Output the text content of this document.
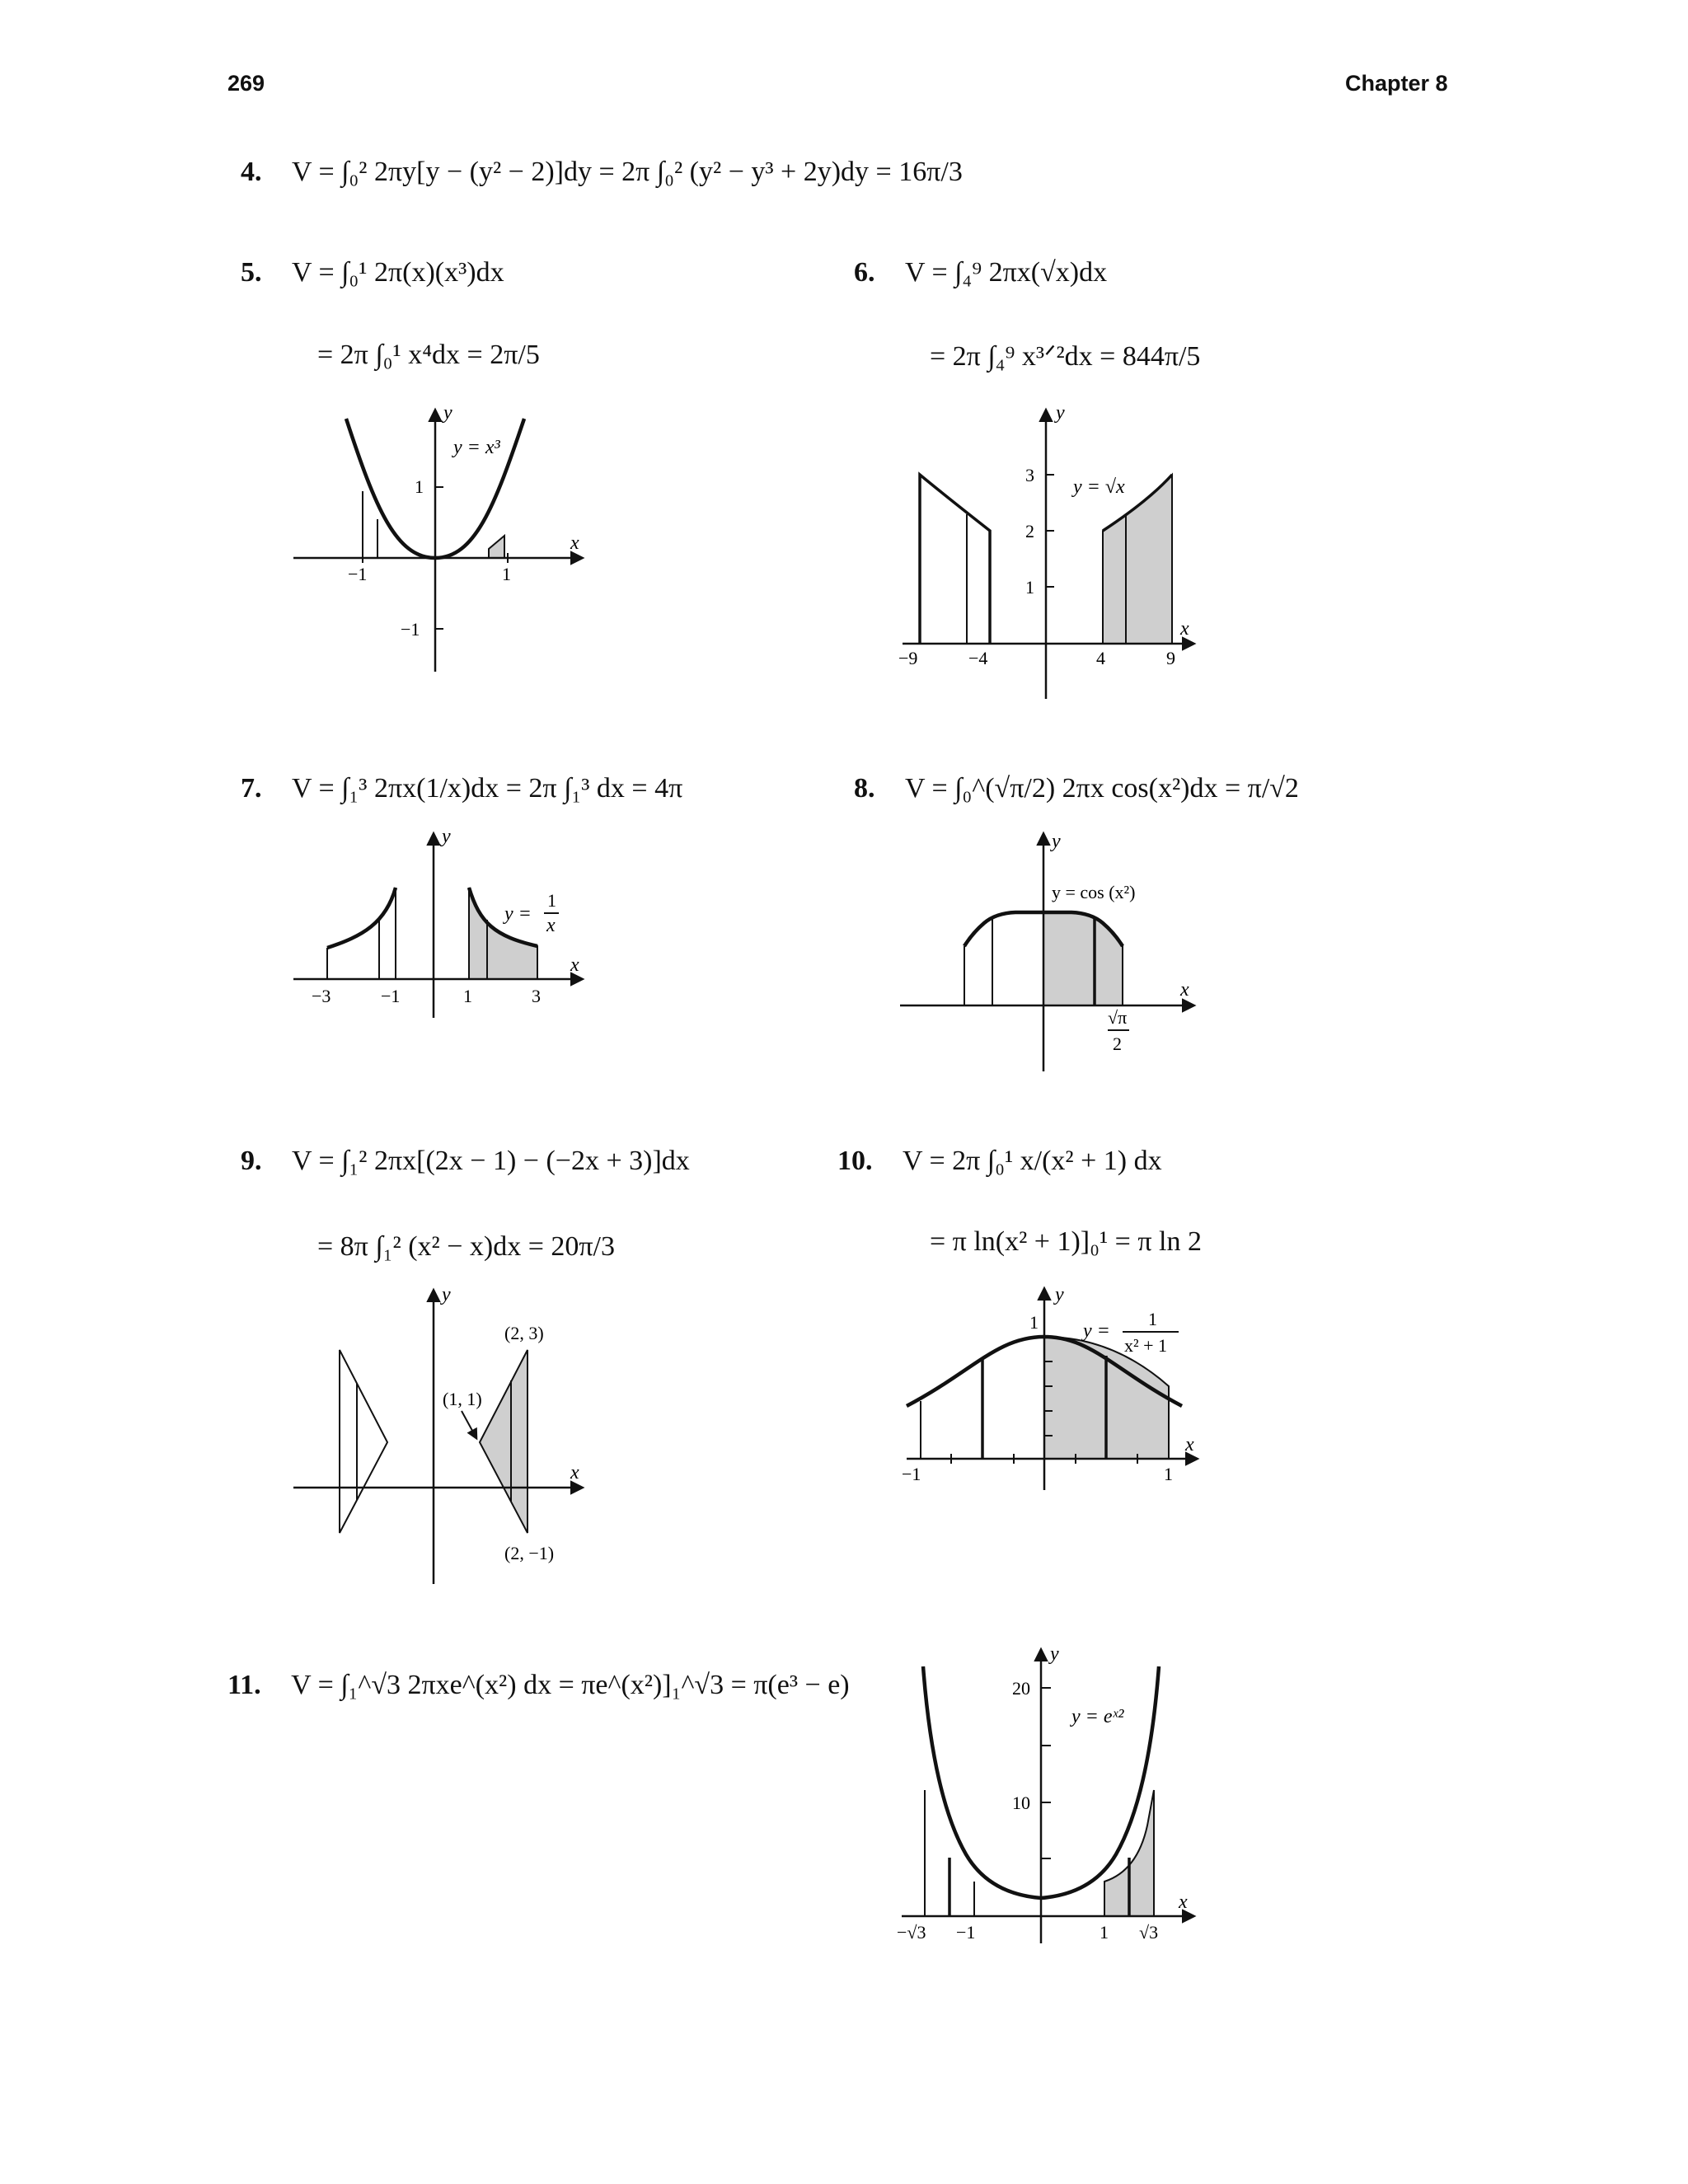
269	Chapter 8
4. V = ∫₀² 2πy[y − (y² − 2)]dy = 2π ∫₀² (y² − y³ + 2y)dy = 16π/3
5. V = ∫₀¹ 2π(x)(x³)dx
= 2π ∫₀¹ x⁴dx = 2π/5
6. V = ∫₄⁹ 2πx(√x)dx
= 2π ∫₄⁹ x³ᐟ²dx = 844π/5
7. V = ∫₁³ 2πx(1/x)dx = 2π ∫₁³ dx = 4π	8. V = ∫₀^(√π/2) 2πx cos(x²)dx = π/√2
9. V = ∫₁² 2πx[(2x − 1) − (−2x + 3)]dx
= 8π ∫₁² (x² − x)dx = 20π/3
10. V = 2π ∫₀¹ x/(x² + 1) dx
= π ln(x² + 1)]₀¹ = π ln 2
11. V = ∫₁^√3 2πxe^(x²) dx = πe^(x²)]₁^√3 = π(e³ − e)
−1	1
1
−1
y = x³
x
y
−9	−4	4	9
1
2
3
y = √x
x
y
−3	−1	1	3
y =
1
x
x
y
√π
2
y = cos (x²)
x
y
(2, 3)
(1, 1)
(2, −1)
x
y
−1	1
1 y =
1
x² + 1
x
y
−√3 −1	1 √3
10
20
y = eˣ²
x
y
